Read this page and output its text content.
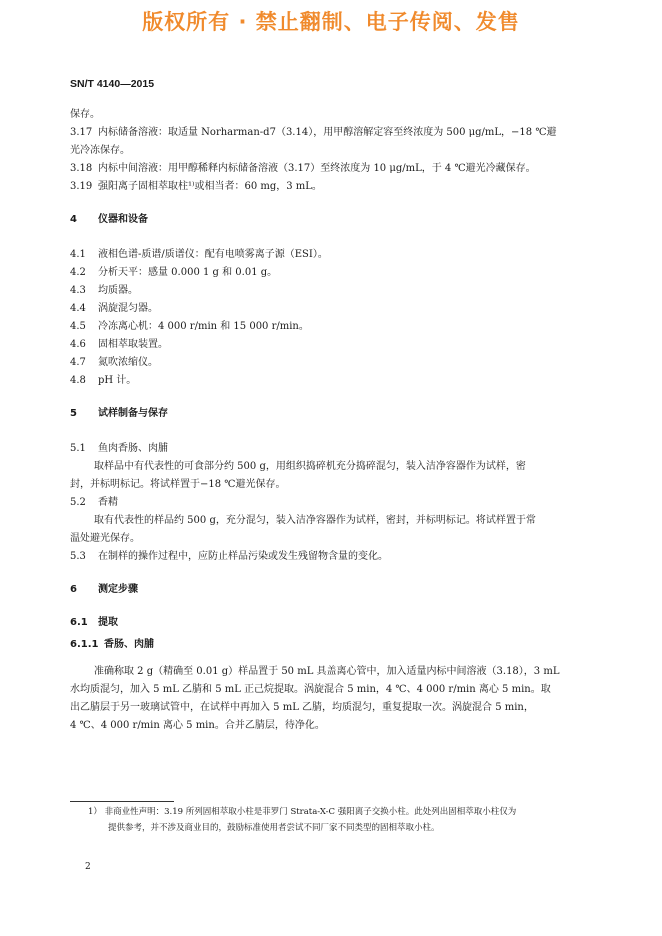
版权所有 · 禁止翻制、电子传阅、发售
SN/T 4140—2015
保存。
3.17 内标储备溶液：取适量 Norharman-d7（3.14），用甲醇溶解定容至终浓度为 500 μg/mL，−18 ℃避
光冷冻保存。
3.18 内标中间溶液：用甲醇稀释内标储备溶液（3.17）至终浓度为 10 μg/mL，于 4 ℃避光冷藏保存。
3.19 强阳离子固相萃取柱¹⁾或相当者：60 mg，3 mL。
4 仪器和设备
4.1 液相色谱-质谱/质谱仪：配有电喷雾离子源（ESI）。
4.2 分析天平：感量 0.000 1 g 和 0.01 g。
4.3 均质器。
4.4 涡旋混匀器。
4.5 冷冻离心机：4 000 r/min 和 15 000 r/min。
4.6 固相萃取装置。
4.7 氮吹浓缩仪。
4.8 pH 计。
5 试样制备与保存
5.1 鱼肉香肠、肉脯
取样品中有代表性的可食部分约 500 g，用组织捣碎机充分捣碎混匀，装入洁净容器作为试样，密
封，并标明标记。将试样置于−18 ℃避光保存。
5.2 香精
取有代表性的样品约 500 g，充分混匀，装入洁净容器作为试样，密封，并标明标记。将试样置于常
温处避光保存。
5.3 在制样的操作过程中，应防止样品污染或发生残留物含量的变化。
6 测定步骤
6.1 提取
6.1.1 香肠、肉脯
准确称取 2 g（精确至 0.01 g）样品置于 50 mL 具盖离心管中，加入适量内标中间溶液（3.18），3 mL
水均质混匀，加入 5 mL 乙腈和 5 mL 正己烷提取。涡旋混合 5 min，4 ℃、4 000 r/min 离心 5 min。取
出乙腈层于另一玻璃试管中，在试样中再加入 5 mL 乙腈，均质混匀，重复提取一次。涡旋混合 5 min，
4 ℃、4 000 r/min 离心 5 min。合并乙腈层，待净化。
1） 非商业性声明：3.19 所列固相萃取小柱是菲罗门 Strata-X-C 强阳离子交换小柱。此处列出固相萃取小柱仅为
提供参考，并不涉及商业目的，鼓励标准使用者尝试不同厂家不同类型的固相萃取小柱。
2
